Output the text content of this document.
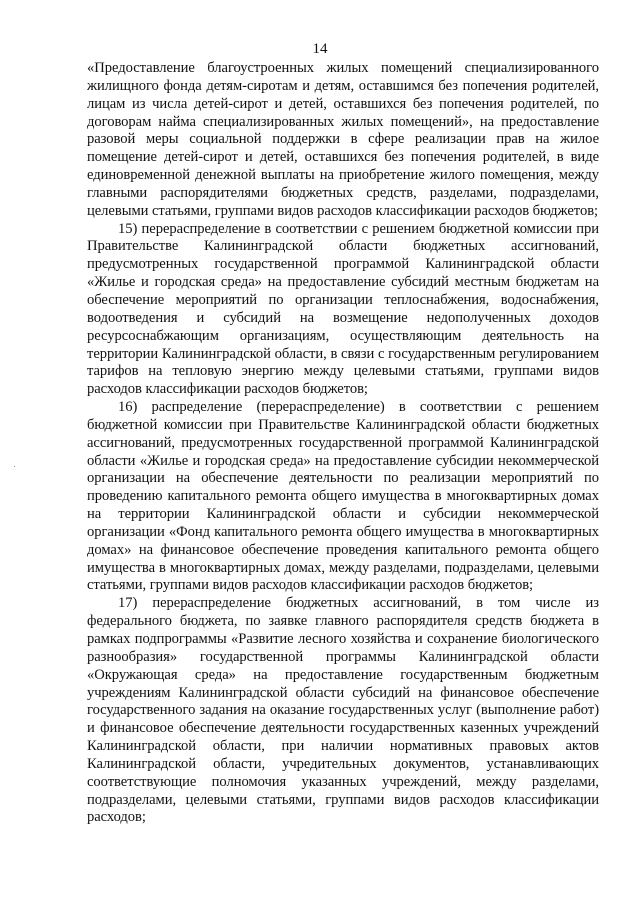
14

«Предоставление благоустроенных жилых помещений специализированного жилищного фонда детям-сиротам и детям, оставшимся без попечения родителей, лицам из числа детей-сирот и детей, оставшихся без попечения родителей, по договорам найма специализированных жилых помещений», на предоставление разовой меры социальной поддержки в сфере реализации прав на жилое помещение детей-сирот и детей, оставшихся без попечения родителей, в виде единовременной денежной выплаты на приобретение жилого помещения, между главными распорядителями бюджетных средств, разделами, подразделами, целевыми статьями, группами видов расходов классификации расходов бюджетов;

15) перераспределение в соответствии с решением бюджетной комиссии при Правительстве Калининградской области бюджетных ассигнований, предусмотренных государственной программой Калининградской области «Жилье и городская среда» на предоставление субсидий местным бюджетам на обеспечение мероприятий по организации теплоснабжения, водоснабжения, водоотведения и субсидий на возмещение недополученных доходов ресурсоснабжающим организациям, осуществляющим деятельность на территории Калининградской области, в связи с государственным регулированием тарифов на тепловую энергию между целевыми статьями, группами видов расходов классификации расходов бюджетов;

16) распределение (перераспределение) в соответствии с решением бюджетной комиссии при Правительстве Калининградской области бюджетных ассигнований, предусмотренных государственной программой Калининградской области «Жилье и городская среда» на предоставление субсидии некоммерческой организации на обеспечение деятельности по реализации мероприятий по проведению капитального ремонта общего имущества в многоквартирных домах на территории Калининградской области и субсидии некоммерческой организации «Фонд капитального ремонта общего имущества в многоквартирных домах» на финансовое обеспечение проведения капитального ремонта общего имущества в многоквартирных домах, между разделами, подразделами, целевыми статьями, группами видов расходов классификации расходов бюджетов;

17) перераспределение бюджетных ассигнований, в том числе из федерального бюджета, по заявке главного распорядителя средств бюджета в рамках подпрограммы «Развитие лесного хозяйства и сохранение биологического разнообразия» государственной программы Калининградской области «Окружающая среда» на предоставление государственным бюджетным учреждениям Калининградской области субсидий на финансовое обеспечение государственного задания на оказание государственных услуг (выполнение работ) и финансовое обеспечение деятельности государственных казенных учреждений Калининградской области, при наличии нормативных правовых актов Калининградской области, учредительных документов, устанавливающих соответствующие полномочия указанных учреждений, между разделами, подразделами, целевыми статьями, группами видов расходов классификации расходов;
